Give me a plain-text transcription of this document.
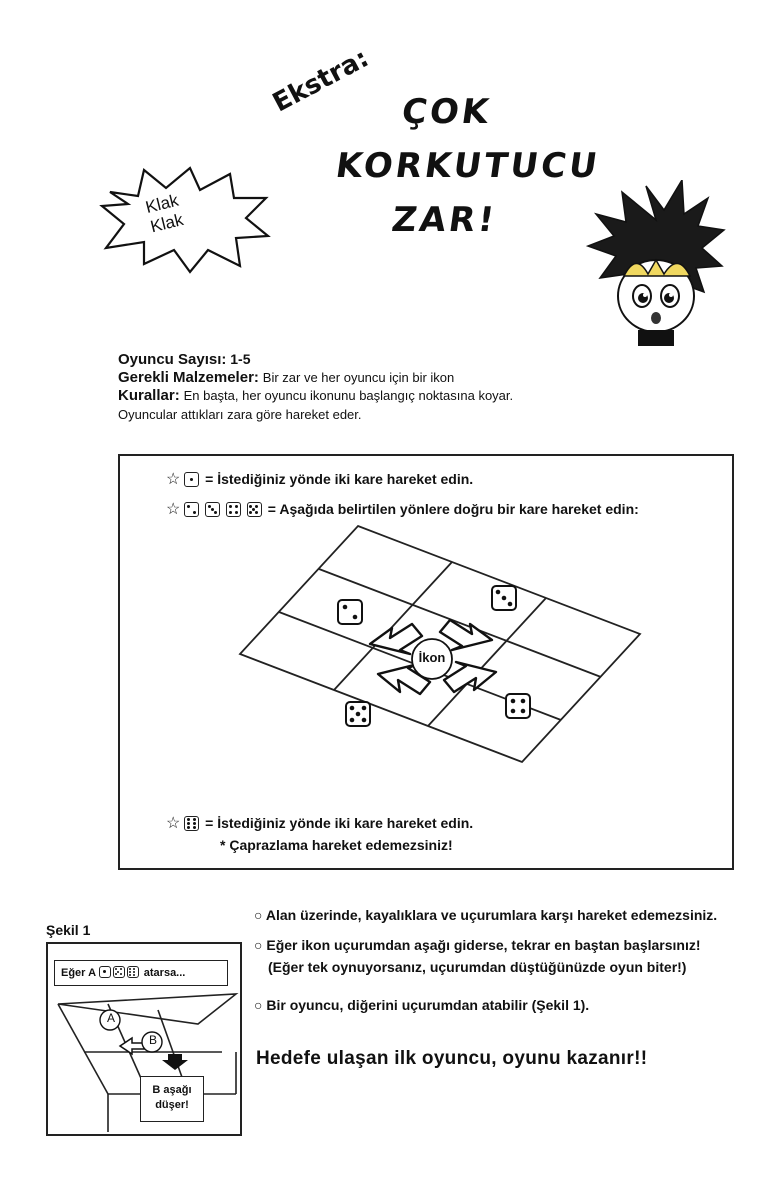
Ekstra: ÇOK
KORKUTUCU
ZAR!
Klak
Klak
Oyuncu Sayısı: 1-5
Gerekli Malzemeler: Bir zar ve her oyuncu için bir ikon
Kurallar: En başta, her oyuncu ikonunu başlangıç noktasına koyar.
Oyuncular attıkları zara göre hareket eder.
☆ = İstediğiniz yönde iki kare hareket edin.
☆

	= Aşağıda belirtilen yönlere doğru bir kare hareket edin:
İkon
☆ = İstediğiniz yönde iki kare hareket edin.
* Çaprazlama hareket edemezsiniz!
Şekil 1
A
B
Eğer A	atarsa...
B aşağı
düşer!
○ Alan üzerinde, kayalıklara ve uçurumlara karşı hareket edemezsiniz.
○ Eğer ikon uçurumdan aşağı giderse, tekrar en baştan başlarsınız!
(Eğer tek oynuyorsanız, uçurumdan düştüğünüzde oyun biter!)
○ Bir oyuncu, diğerini uçurumdan atabilir (Şekil 1).
Hedefe ulaşan ilk oyuncu, oyunu kazanır!!
